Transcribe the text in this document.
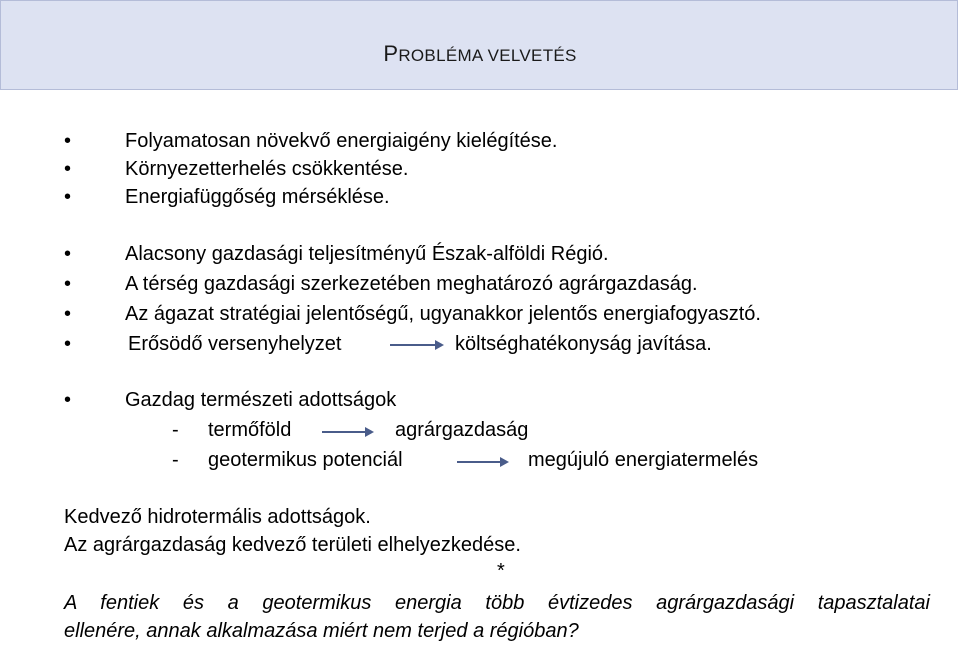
PROBLÉMA VELVETÉS
•	Folyamatosan növekvő energiaigény kielégítése.
•	Környezetterhelés csökkentése.
•	Energiafüggőség mérséklése.
•	Alacsony gazdasági teljesítményű Észak-alföldi Régió.
•	A térség gazdasági szerkezetében meghatározó agrárgazdaság.
•	Az ágazat stratégiai jelentőségű, ugyanakkor jelentős energiafogyasztó.
•	Erősödő versenyhelyzet	költséghatékonyság javítása.
•	Gazdag természeti adottságok
- termőföld	agrárgazdaság
- geotermikus potenciál	megújuló energiatermelés
Kedvező hidrotermális adottságok.
Az agrárgazdaság kedvező területi elhelyezkedése.
*
A fentiek és a geotermikus energia több évtizedes agrárgazdasági tapasztalatai
ellenére, annak alkalmazása miért nem terjed a régióban?
